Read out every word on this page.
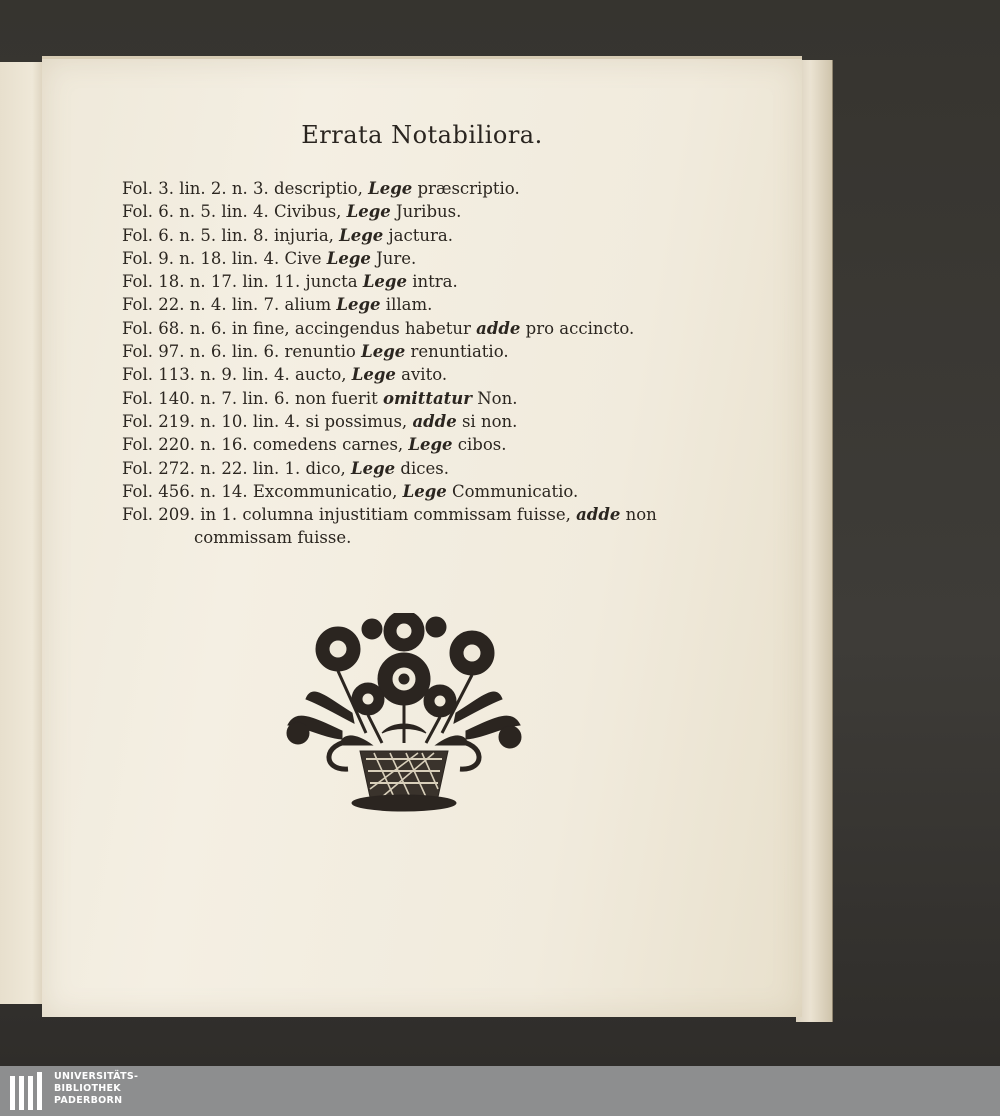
Errata Notabiliora.
Fol. 3. lin. 2. n. 3. descriptio, Lege præscriptio.
Fol. 6. n. 5. lin. 4. Civibus, Lege Juribus.
Fol. 6. n. 5. lin. 8. injuria, Lege jactura.
Fol. 9. n. 18. lin. 4. Cive Lege Jure.
Fol. 18. n. 17. lin. 11. juncta Lege intra.
Fol. 22. n. 4. lin. 7. alium Lege illam.
Fol. 68. n. 6. in fine, accingendus habetur adde pro accincto.
Fol. 97. n. 6. lin. 6. renuntio Lege renuntiatio.
Fol. 113. n. 9. lin. 4. aucto, Lege avito.
Fol. 140. n. 7. lin. 6. non fuerit omittatur Non.
Fol. 219. n. 10. lin. 4. si possimus, adde si non.
Fol. 220. n. 16. comedens carnes, Lege cibos.
Fol. 272. n. 22. lin. 1. dico, Lege dices.
Fol. 456. n. 14. Excommunicatio, Lege Communicatio.
Fol. 209. in 1. columna injustitiam commissam fuisse, adde non
commissam fuisse.
UNIVERSITÄTS-
BIBLIOTHEK
PADERBORN
